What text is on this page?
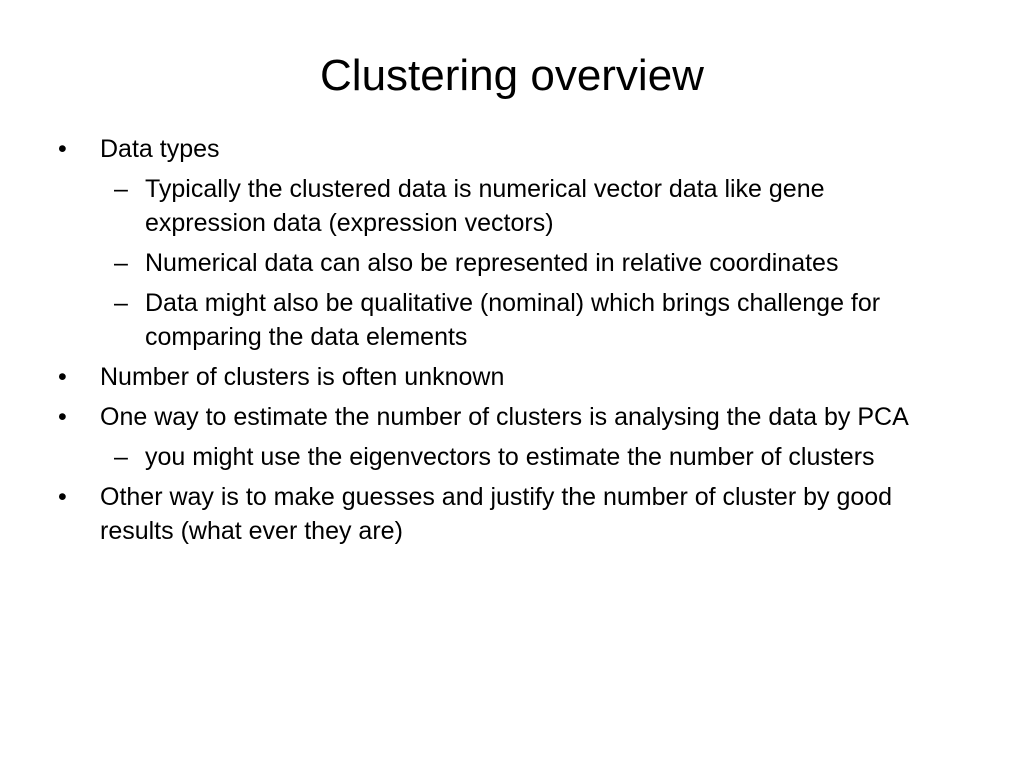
Clustering overview
•	Data types
– Typically the clustered data is numerical vector data like gene expression data (expression vectors)
– Numerical data can also be represented in relative coordinates
– Data might also be qualitative (nominal) which brings challenge for comparing the data elements
•	Number of clusters is often unknown
•	One way to estimate the number of clusters is analysing the data by PCA
– you might use the eigenvectors to estimate the number of clusters
•	Other way is to make guesses and justify the number of cluster by good results (what ever they are)
